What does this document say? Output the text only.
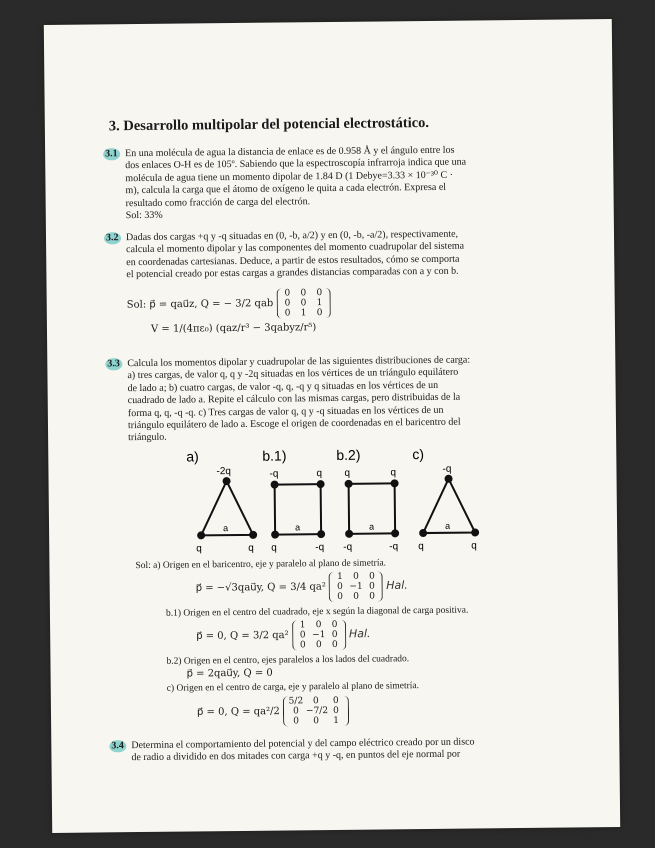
3. Desarrollo multipolar del potencial electrostático.
3.1 En una molécula de agua la distancia de enlace es de 0.958 Å y el ángulo entre los
dos enlaces O-H es de 105º. Sabiendo que la espectroscopía infrarroja indica que una
molécula de agua tiene un momento dipolar de 1.84 D (1 Debye=3.33 × 10⁻³⁰ C ·
m), calcula la carga que el átomo de oxígeno le quita a cada electrón. Expresa el
resultado como fracción de carga del electrón.
Sol: 33%
3.2 Dadas dos cargas +q y -q situadas en (0, -b, a/2) y en (0, -b, -a/2), respectivamente,
calcula el momento dipolar y las componentes del momento cuadrupolar del sistema
en coordenadas cartesianas. Deduce, a partir de estos resultados, cómo se comporta
el potencial creado por estas cargas a grandes distancias comparadas con a y con b.
Sol: p⃗ = qau⃗z, Q = − 3/2 qab
0	0	0
0	0	1
0	1	0
V = 1/(4πε₀) (qaz/r³ − 3qabyz/r⁵)
3.3 Calcula los momentos dipolar y cuadrupolar de las siguientes distribuciones de carga:
a) tres cargas, de valor q, q y -2q situadas en los vértices de un triángulo equilátero
de lado a; b) cuatro cargas, de valor -q, q, -q y q situadas en los vértices de un
cuadrado de lado a. Repite el cálculo con las mismas cargas, pero distribuidas de la
forma q, q, -q -q. c) Tres cargas de valor q, q y -q situadas en los vértices de un
triángulo equilátero de lado a. Escoge el origen de coordenadas en el baricentro del
triángulo.
a)	b.1)	b.2)	c)
-2q
q	q
a
-q	q
q	-q
a
q	q
-q	-q
a
-q
q	q
a
Sol: a) Origen en el baricentro, eje y paralelo al plano de simetría.
p⃗ = −√3qau⃗y, Q = 3/4 qa²
1	0	0
0 −1 0
0	0	0
Hal.
b.1) Origen en el centro del cuadrado, eje x según la diagonal de carga positiva.
p⃗ = 0, Q = 3/2 qa²
1	0	0
0 −1 0
0	0	0
Hal.
b.2) Origen en el centro, ejes paralelos a los lados del cuadrado.
p⃗ = 2qau⃗y, Q = 0
c) Origen en el centro de carga, eje y paralelo al plano de simetría.
p⃗ = 0, Q = qa²/2
5/2	0	0
0 −7/2 0
0	0	1
3.4 Determina el comportamiento del potencial y del campo eléctrico creado por un disco
de radio a dividido en dos mitades con carga +q y -q, en puntos del eje normal por
